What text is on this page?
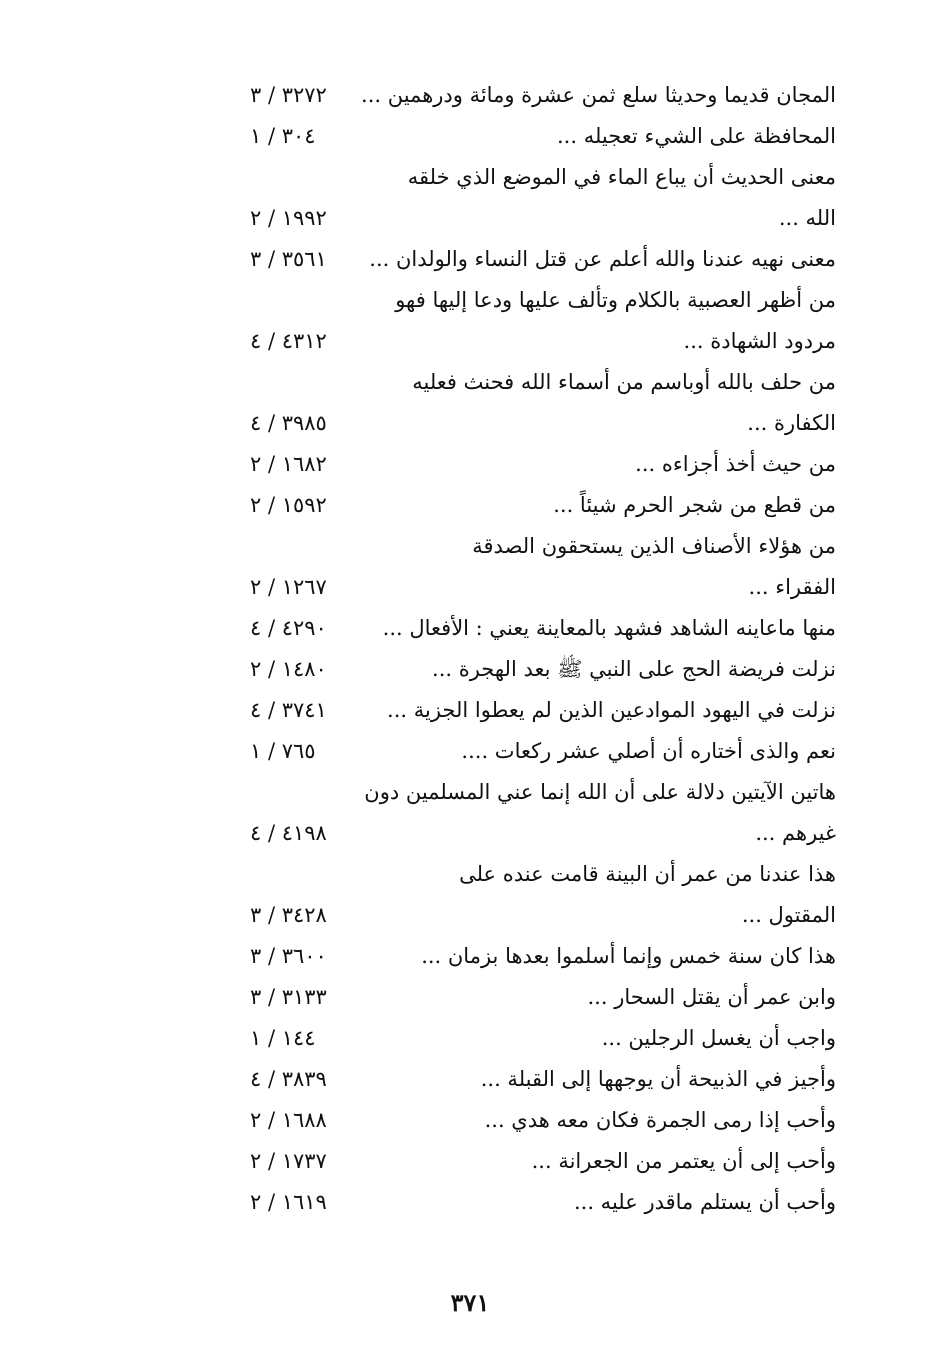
المجان قديما وحديثا سلع ثمن عشرة ومائة ودرهمين ...
٣٢٧٢ / ٣
المحافظة على الشيء تعجيله ...
٣٠٤ / ١
معنى الحديث أن يباع الماء في الموضع الذي خلقه
الله ...
١٩٩٢ / ٢
معنى نهيه عندنا والله أعلم عن قتل النساء والولدان ...
٣٥٦١ / ٣
من أظهر العصبية بالكلام وتألف عليها ودعا إليها فهو
مردود الشهادة ...
٤٣١٢ / ٤
من حلف بالله أوباسم من أسماء الله فحنث فعليه
الكفارة ...
٣٩٨٥ / ٤
من حيث أخذ أجزاءه ...
١٦٨٢ / ٢
من قطع من شجر الحرم شيئاً ...
١٥٩٢ / ٢
من هؤلاء الأصناف الذين يستحقون الصدقة
الفقراء ...
١٢٦٧ / ٢
منها ماعاينه الشاهد فشهد بالمعاينة يعني : الأفعال ...
٤٢٩٠ / ٤
نزلت فريضة الحج على النبي ﷺ بعد الهجرة ...
١٤٨٠ / ٢
نزلت في اليهود الموادعين الذين لم يعطوا الجزية ...
٣٧٤١ / ٤
نعم والذى أختاره أن أصلي عشر ركعات ....
٧٦٥ / ١
هاتين الآيتين دلالة على أن الله إنما عني المسلمين دون
غيرهم ...
٤١٩٨ / ٤
هذا عندنا من عمر أن البينة قامت عنده على
المقتول ...
٣٤٢٨ / ٣
هذا كان سنة خمس وإنما أسلموا بعدها بزمان ...
٣٦٠٠ / ٣
وابن عمر أن يقتل السحار ...
٣١٣٣ / ٣
واجب أن يغسل الرجلين ...
١٤٤ / ١
وأجيز في الذبيحة أن يوجهها إلى القبلة ...
٣٨٣٩ / ٤
وأحب إذا رمى الجمرة فكان معه هدي ...
١٦٨٨ / ٢
وأحب إلى أن يعتمر من الجعرانة ...
١٧٣٧ / ٢
وأحب أن يستلم ماقدر عليه ...
١٦١٩ / ٢
٣٧١
